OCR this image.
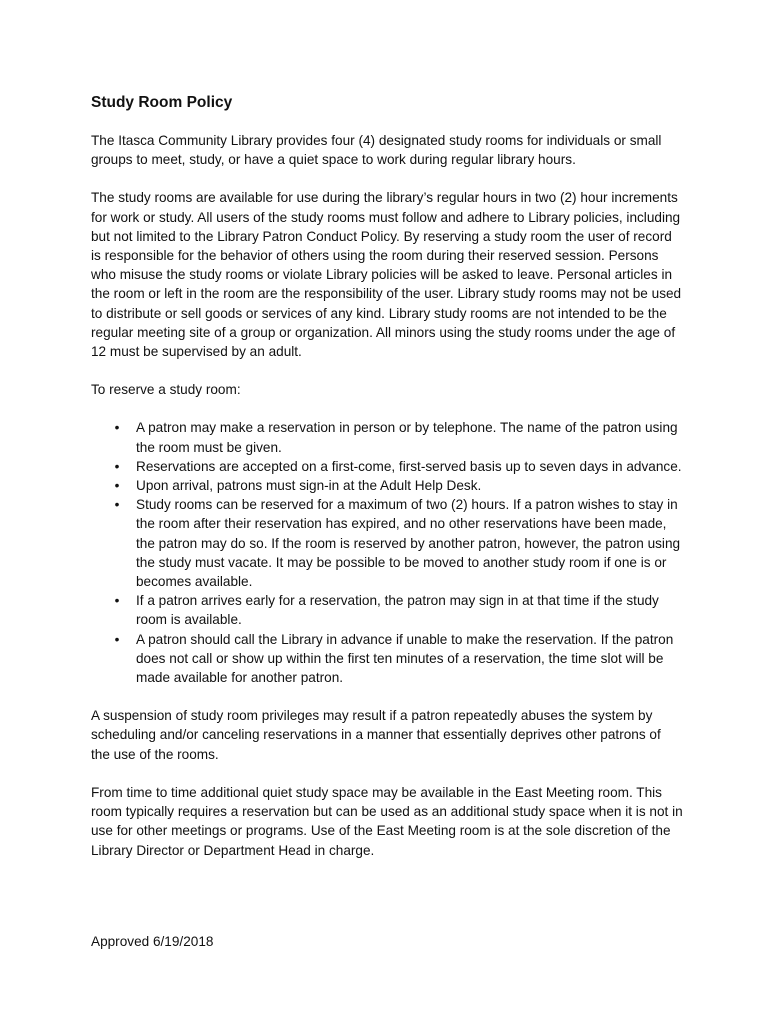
Study Room Policy

The Itasca Community Library provides four (4) designated study rooms for individuals or small groups to meet, study, or have a quiet space to work during regular library hours.

The study rooms are available for use during the library’s regular hours in two (2) hour increments for work or study. All users of the study rooms must follow and adhere to Library policies, including but not limited to the Library Patron Conduct Policy. By reserving a study room the user of record is responsible for the behavior of others using the room during their reserved session. Persons who misuse the study rooms or violate Library policies will be asked to leave. Personal articles in the room or left in the room are the responsibility of the user. Library study rooms may not be used to distribute or sell goods or services of any kind. Library study rooms are not intended to be the regular meeting site of a group or organization. All minors using the study rooms under the age of 12 must be supervised by an adult.

To reserve a study room:

• A patron may make a reservation in person or by telephone. The name of the patron using the room must be given.
• Reservations are accepted on a first-come, first-served basis up to seven days in advance.
• Upon arrival, patrons must sign-in at the Adult Help Desk.
• Study rooms can be reserved for a maximum of two (2) hours. If a patron wishes to stay in the room after their reservation has expired, and no other reservations have been made, the patron may do so. If the room is reserved by another patron, however, the patron using the study must vacate. It may be possible to be moved to another study room if one is or becomes available.
• If a patron arrives early for a reservation, the patron may sign in at that time if the study room is available.
• A patron should call the Library in advance if unable to make the reservation. If the patron does not call or show up within the first ten minutes of a reservation, the time slot will be made available for another patron.

A suspension of study room privileges may result if a patron repeatedly abuses the system by scheduling and/or canceling reservations in a manner that essentially deprives other patrons of the use of the rooms.

From time to time additional quiet study space may be available in the East Meeting room. This room typically requires a reservation but can be used as an additional study space when it is not in use for other meetings or programs. Use of the East Meeting room is at the sole discretion of the Library Director or Department Head in charge.

Approved 6/19/2018
